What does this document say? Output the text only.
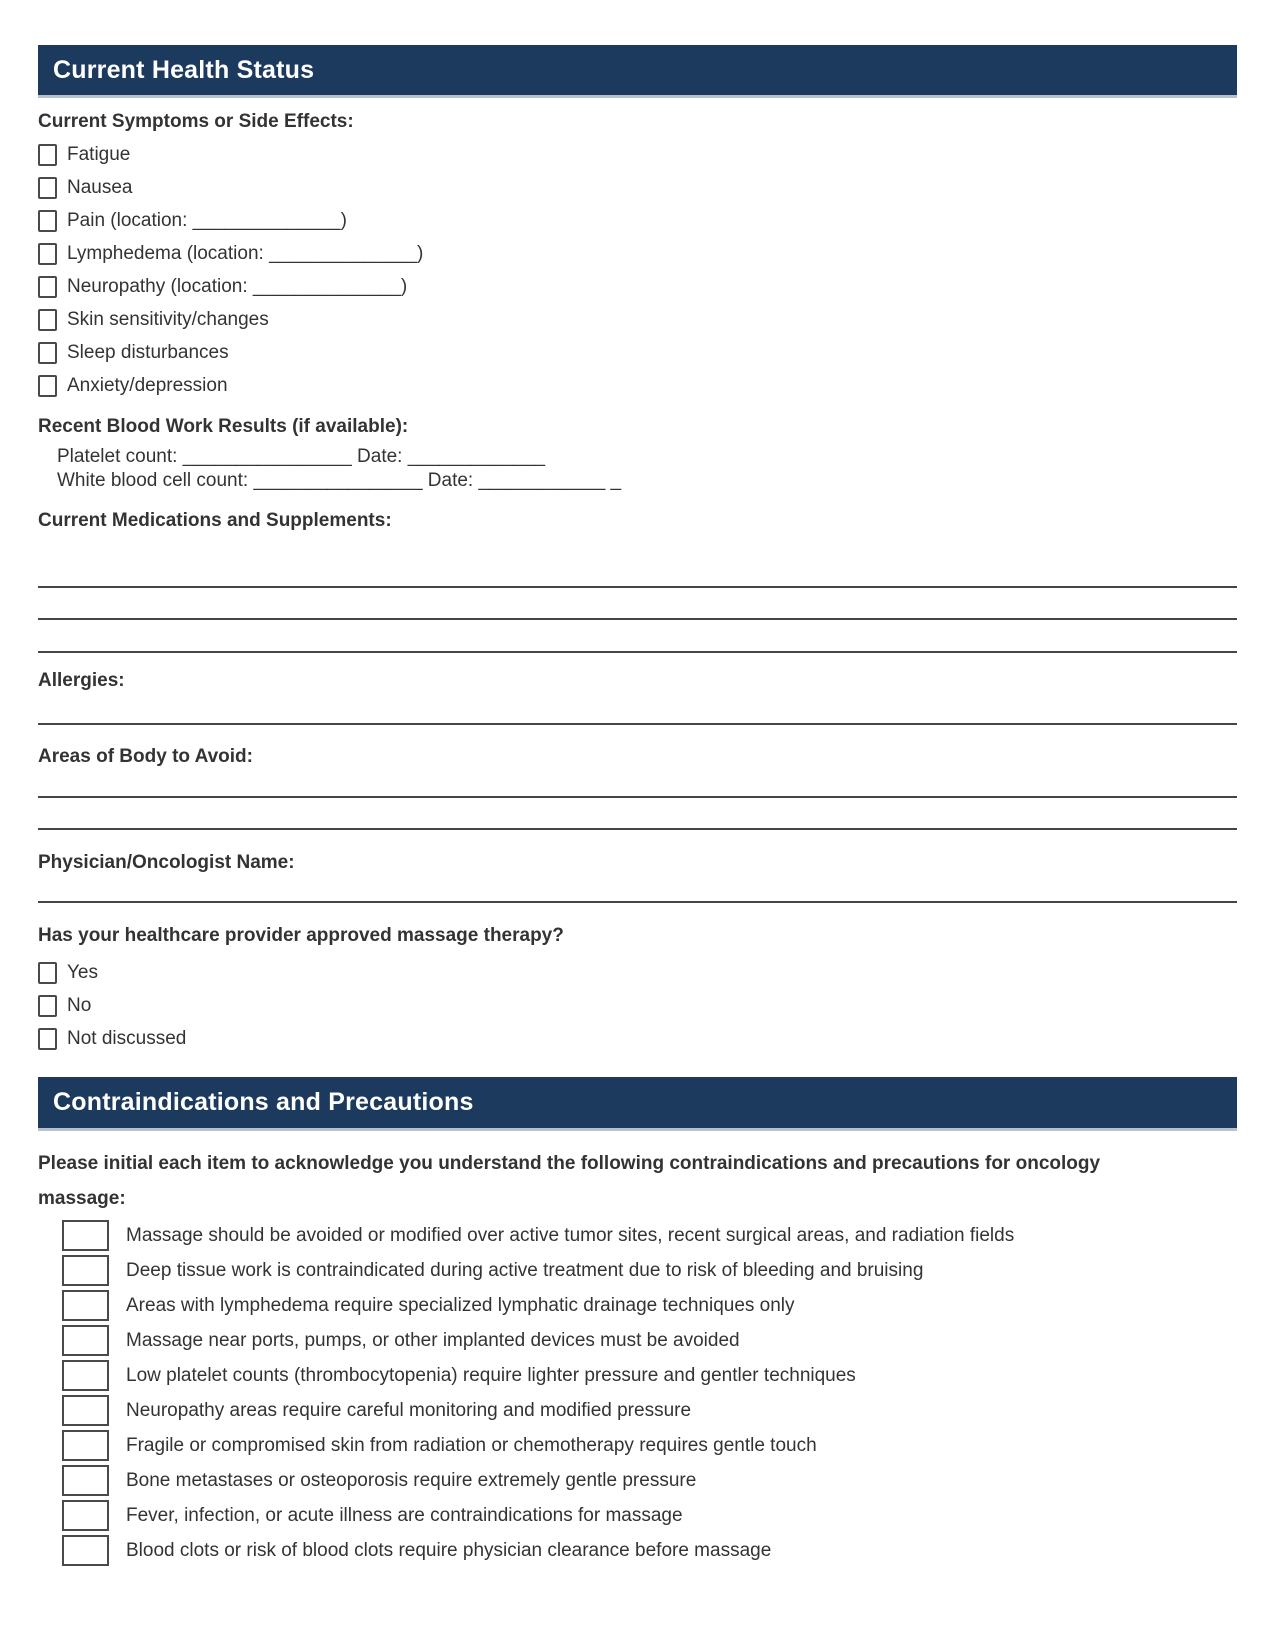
Current Health Status
Current Symptoms or Side Effects:
Fatigue
Nausea
Pain (location: ______________)
Lymphedema (location: ______________)
Neuropathy (location: ______________)
Skin sensitivity/changes
Sleep disturbances
Anxiety/depression
Recent Blood Work Results (if available):
Platelet count: ________________ Date: _____________
White blood cell count: ________________ Date: ____________ _
Current Medications and Supplements:
Allergies:
Areas of Body to Avoid:
Physician/Oncologist Name:
Has your healthcare provider approved massage therapy?
Yes
No
Not discussed
Contraindications and Precautions
Please initial each item to acknowledge you understand the following contraindications and precautions for oncology
massage:
Massage should be avoided or modified over active tumor sites, recent surgical areas, and radiation fields
Deep tissue work is contraindicated during active treatment due to risk of bleeding and bruising
Areas with lymphedema require specialized lymphatic drainage techniques only
Massage near ports, pumps, or other implanted devices must be avoided
Low platelet counts (thrombocytopenia) require lighter pressure and gentler techniques
Neuropathy areas require careful monitoring and modified pressure
Fragile or compromised skin from radiation or chemotherapy requires gentle touch
Bone metastases or osteoporosis require extremely gentle pressure
Fever, infection, or acute illness are contraindications for massage
Blood clots or risk of blood clots require physician clearance before massage
